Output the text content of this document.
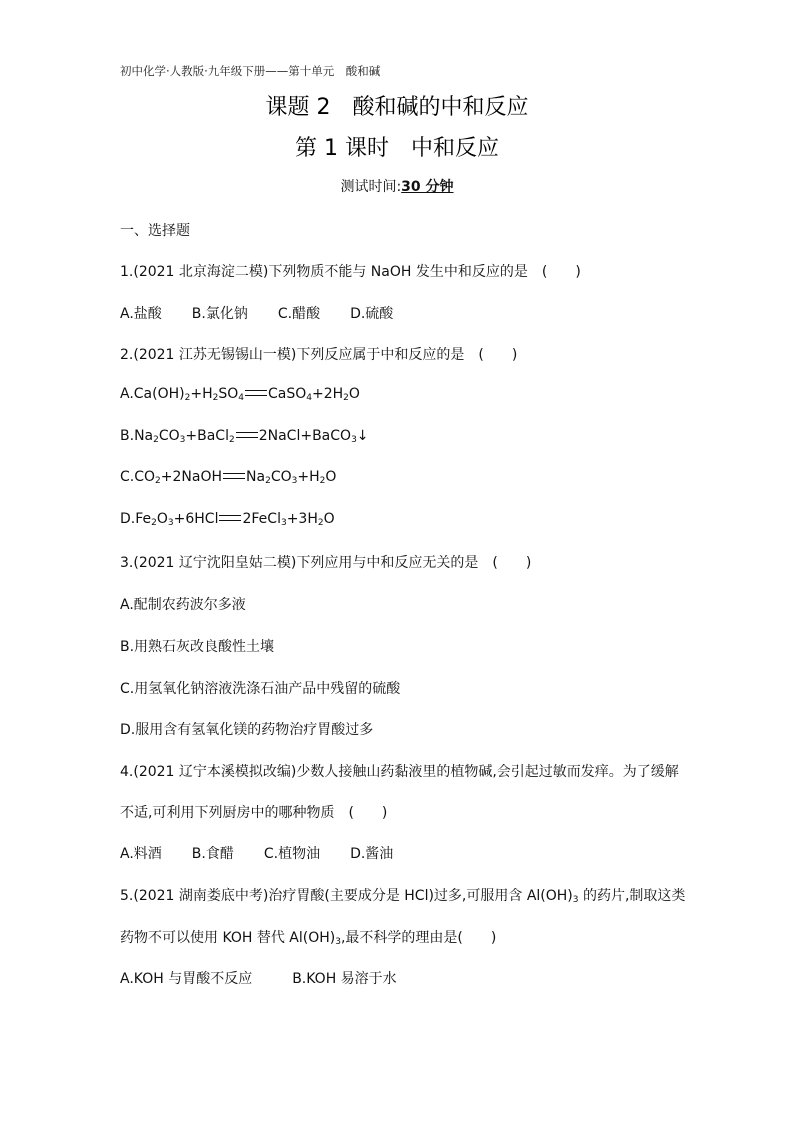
初中化学·人教版·九年级下册——第十单元　酸和碱
课题 2　酸和碱的中和反应
第 1 课时　中和反应
测试时间:30 分钟
一、选择题
1.(2021 北京海淀二模)下列物质不能与 NaOH 发生中和反应的是　(　　)
A.盐酸 B.氯化钠 C.醋酸 D.硫酸
2.(2021 江苏无锡锡山一模)下列反应属于中和反应的是　(　　)
$A.Ca(OH)_2+H_2SO_4$ $CaSO_4+2H_2O$
$B.Na_2CO_3+BaCl_2$ 2NaCl+BaCO$_3$↓
$C.CO_2+2NaOH$ $Na_2CO_3+H_2O$
$D.Fe_2O_3+6HCl$ $2FeCl_3+3H_2O$
3.(2021 辽宁沈阳皇姑二模)下列应用与中和反应无关的是　(　　)
A.配制农药波尔多液
B.用熟石灰改良酸性土壤
C.用氢氧化钠溶液洗涤石油产品中残留的硫酸
D.服用含有氢氧化镁的药物治疗胃酸过多
4.(2021 辽宁本溪模拟改编)少数人接触山药黏液里的植物碱,会引起过敏而发痒。为了缓解
不适,可利用下列厨房中的哪种物质　(　　)
A.料酒 B.食醋 C.植物油 D.酱油
5.(2021 湖南娄底中考)治疗胃酸(主要成分是 HCl)过多,可服用含 $Al(OH)_3$ 的药片,制取这类
药物不可以使用 KOH 替代 $Al(OH)_3$,最不科学的理由是(　　)
A.KOH 与胃酸不反应	B.KOH 易溶于水
